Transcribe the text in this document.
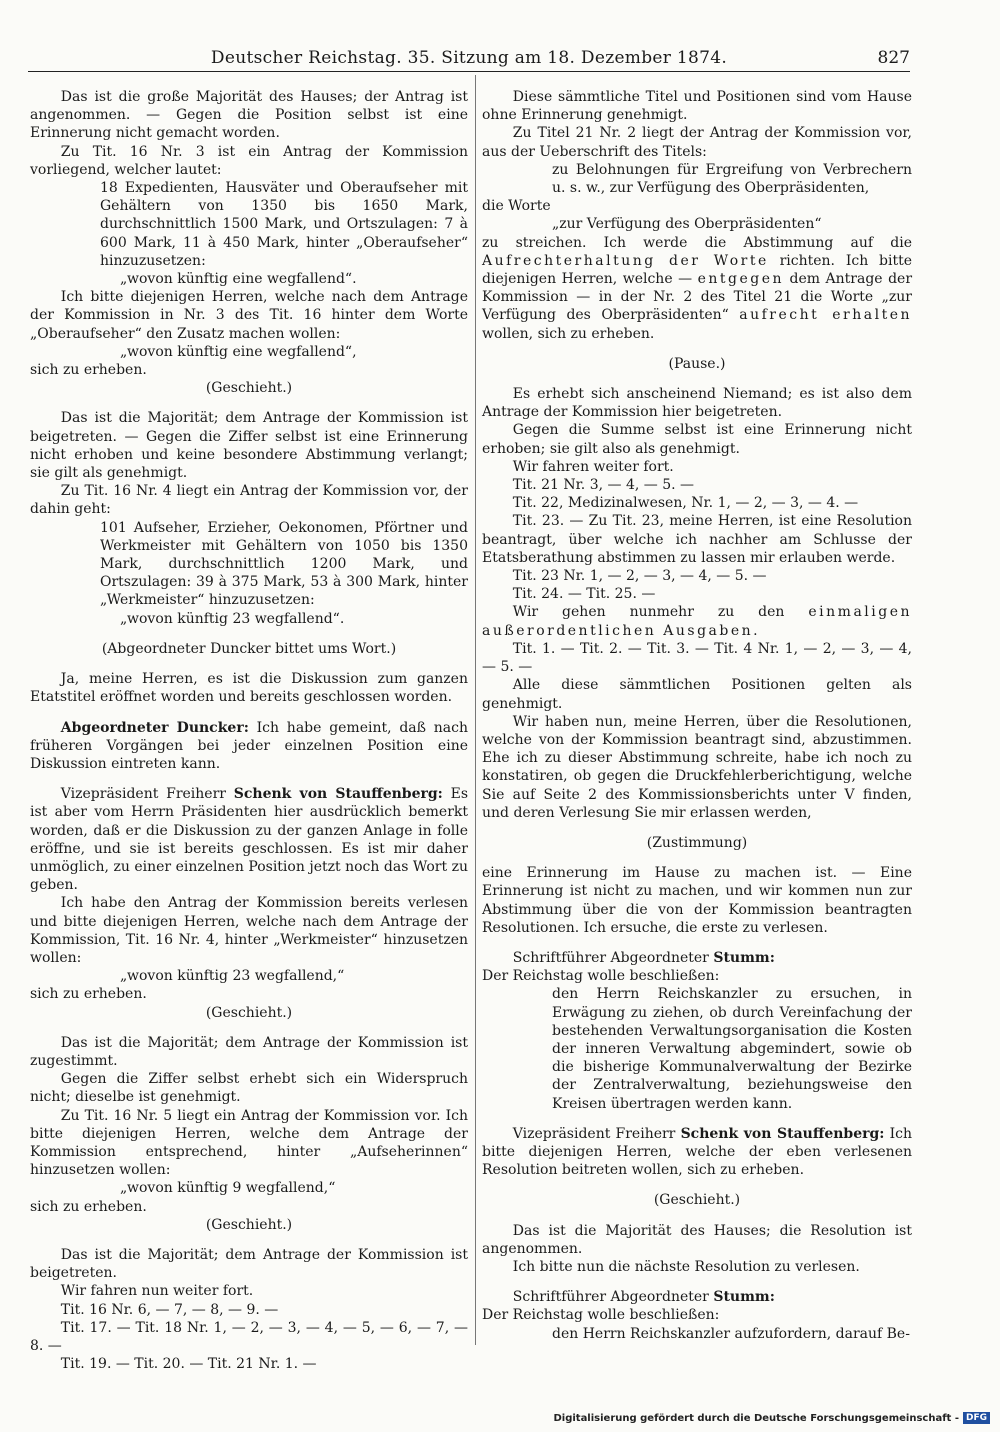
Deutscher Reichstag. 35. Sitzung am 18. Dezember 1874.	827

Das ist die große Majorität des Hauses; der Antrag ist angenommen. — Gegen die Position selbst ist eine Erinnerung nicht gemacht worden.

Zu Tit. 16 Nr. 3 ist ein Antrag der Kommission vorliegend, welcher lautet:

18 Expedienten, Hausväter und Oberaufseher mit Gehältern von 1350 bis 1650 Mark, durchschnittlich 1500 Mark, und Ortszulagen: 7 à 600 Mark, 11 à 450 Mark, hinter „Oberaufseher“ hinzuzusetzen:

„wovon künftig eine wegfallend“.

Ich bitte diejenigen Herren, welche nach dem Antrage der Kommission in Nr. 3 des Tit. 16 hinter dem Worte „Oberaufseher“ den Zusatz machen wollen:

„wovon künftig eine wegfallend“,

sich zu erheben.

(Geschieht.)

Das ist die Majorität; dem Antrage der Kommission ist beigetreten. — Gegen die Ziffer selbst ist eine Erinnerung nicht erhoben und keine besondere Abstimmung verlangt; sie gilt als genehmigt.

Zu Tit. 16 Nr. 4 liegt ein Antrag der Kommission vor, der dahin geht:

101 Aufseher, Erzieher, Oekonomen, Pförtner und Werkmeister mit Gehältern von 1050 bis 1350 Mark, durchschnittlich 1200 Mark, und Ortszulagen: 39 à 375 Mark, 53 à 300 Mark, hinter „Werkmeister“ hinzuzusetzen:

„wovon künftig 23 wegfallend“.

(Abgeordneter Duncker bittet ums Wort.)

Ja, meine Herren, es ist die Diskussion zum ganzen Etatstitel eröffnet worden und bereits geschlossen worden.

Abgeordneter Duncker: Ich habe gemeint, daß nach früheren Vorgängen bei jeder einzelnen Position eine Diskussion eintreten kann.

Vizepräsident Freiherr Schenk von Stauffenberg: Es ist aber vom Herrn Präsidenten hier ausdrücklich bemerkt worden, daß er die Diskussion zu der ganzen Anlage in folle eröffne, und sie ist bereits geschlossen. Es ist mir daher unmöglich, zu einer einzelnen Position jetzt noch das Wort zu geben.

Ich habe den Antrag der Kommission bereits verlesen und bitte diejenigen Herren, welche nach dem Antrage der Kommission, Tit. 16 Nr. 4, hinter „Werkmeister“ hinzusetzen wollen:

„wovon künftig 23 wegfallend,“

sich zu erheben.

(Geschieht.)

Das ist die Majorität; dem Antrage der Kommission ist zugestimmt.

Gegen die Ziffer selbst erhebt sich ein Widerspruch nicht; dieselbe ist genehmigt.

Zu Tit. 16 Nr. 5 liegt ein Antrag der Kommission vor. Ich bitte diejenigen Herren, welche dem Antrage der Kommission entsprechend, hinter „Aufseherinnen“ hinzusetzen wollen:

„wovon künftig 9 wegfallend,“

sich zu erheben.

(Geschieht.)

Das ist die Majorität; dem Antrage der Kommission ist beigetreten.

Wir fahren nun weiter fort.

Tit. 16 Nr. 6, — 7, — 8, — 9. —

Tit. 17. — Tit. 18 Nr. 1, — 2, — 3, — 4, — 5, — 6, — 7, — 8. —

Tit. 19. — Tit. 20. — Tit. 21 Nr. 1. —

Diese sämmtliche Titel und Positionen sind vom Hause ohne Erinnerung genehmigt.

Zu Titel 21 Nr. 2 liegt der Antrag der Kommission vor, aus der Ueberschrift des Titels:

zu Belohnungen für Ergreifung von Verbrechern u. s. w., zur Verfügung des Oberpräsidenten,

die Worte

„zur Verfügung des Oberpräsidenten“

zu streichen. Ich werde die Abstimmung auf die Aufrechterhaltung der Worte richten. Ich bitte diejenigen Herren, welche — entgegen dem Antrage der Kommission — in der Nr. 2 des Titel 21 die Worte „zur Verfügung des Oberpräsidenten“ aufrecht erhalten wollen, sich zu erheben.

(Pause.)

Es erhebt sich anscheinend Niemand; es ist also dem Antrage der Kommission hier beigetreten.

Gegen die Summe selbst ist eine Erinnerung nicht erhoben; sie gilt also als genehmigt.

Wir fahren weiter fort.

Tit. 21 Nr. 3, — 4, — 5. —

Tit. 22, Medizinalwesen, Nr. 1, — 2, — 3, — 4. —

Tit. 23. — Zu Tit. 23, meine Herren, ist eine Resolution beantragt, über welche ich nachher am Schlusse der Etatsberathung abstimmen zu lassen mir erlauben werde.

Tit. 23 Nr. 1, — 2, — 3, — 4, — 5. —

Tit. 24. — Tit. 25. —

Wir gehen nunmehr zu den einmaligen außerordentlichen Ausgaben.

Tit. 1. — Tit. 2. — Tit. 3. — Tit. 4 Nr. 1, — 2, — 3, — 4, — 5. —

Alle diese sämmtlichen Positionen gelten als genehmigt.

Wir haben nun, meine Herren, über die Resolutionen, welche von der Kommission beantragt sind, abzustimmen. Ehe ich zu dieser Abstimmung schreite, habe ich noch zu konstatiren, ob gegen die Druckfehlerberichtigung, welche Sie auf Seite 2 des Kommissionsberichts unter V finden, und deren Verlesung Sie mir erlassen werden,

(Zustimmung)

eine Erinnerung im Hause zu machen ist. — Eine Erinnerung ist nicht zu machen, und wir kommen nun zur Abstimmung über die von der Kommission beantragten Resolutionen. Ich ersuche, die erste zu verlesen.

Schriftführer Abgeordneter Stumm:

Der Reichstag wolle beschließen:

den Herrn Reichskanzler zu ersuchen, in Erwägung zu ziehen, ob durch Vereinfachung der bestehenden Verwaltungsorganisation die Kosten der inneren Verwaltung abgemindert, sowie ob die bisherige Kommunalverwaltung der Bezirke der Zentralverwaltung, beziehungsweise den Kreisen übertragen werden kann.

Vizepräsident Freiherr Schenk von Stauffenberg: Ich bitte diejenigen Herren, welche der eben verlesenen Resolution beitreten wollen, sich zu erheben.

(Geschieht.)

Das ist die Majorität des Hauses; die Resolution ist angenommen.

Ich bitte nun die nächste Resolution zu verlesen.

Schriftführer Abgeordneter Stumm:

Der Reichstag wolle beschließen:

den Herrn Reichskanzler aufzufordern, darauf Be-

Digitalisierung gefördert durch die Deutsche Forschungsgemeinschaft - DFG
